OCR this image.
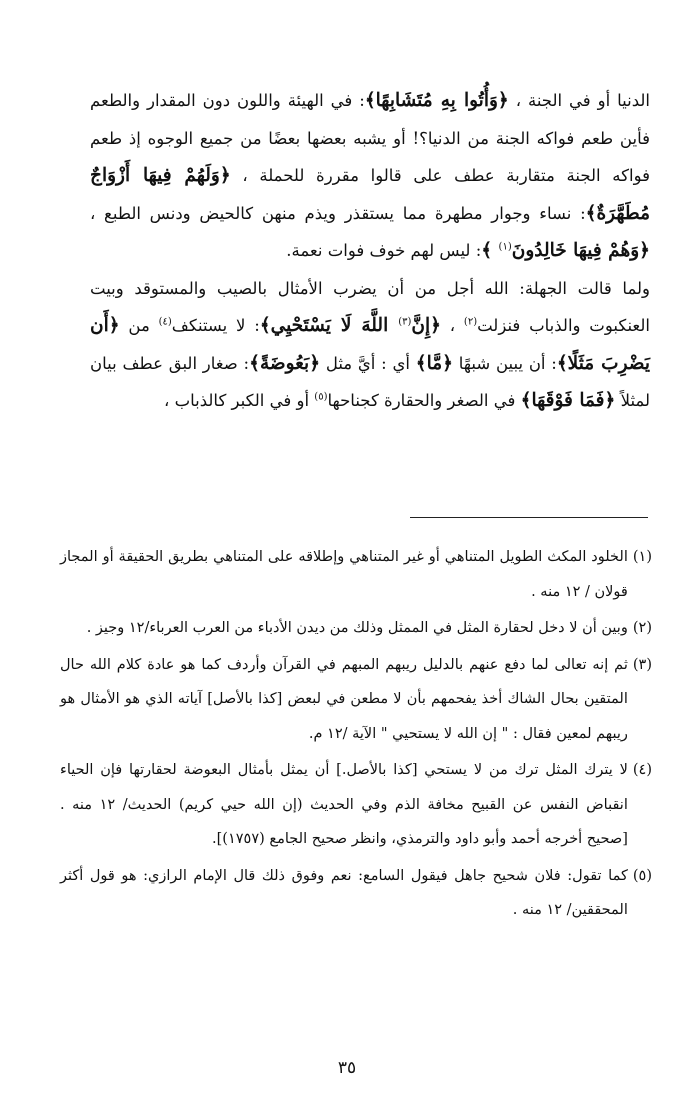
الدنيا أو في الجنة ، ﴿وَأُتُوا بِهِ مُتَشَابِهًا﴾: في الهيئة واللون دون المقدار والطعم فأين طعم فواكه الجنة من الدنيا؟! أو يشبه بعضها بعضًا من جميع الوجوه إذ طعم فواكه الجنة متقاربة عطف على قالوا مقررة للحملة ، ﴿وَلَهُمْ فِيهَا أَزْوَاجٌ مُطَهَّرَةٌ﴾: نساء وجوار مطهرة مما يستقذر ويذم منهن كالحيض ودنس الطبع ، ﴿وَهُمْ فِيهَا خَالِدُونَ$^{(١)}$ ﴾: ليس لهم خوف فوات نعمة.

ولما قالت الجهلة: الله أجل من أن يضرب الأمثال بالصيب والمستوقد وبيت العنكبوت والذباب فنزلت$^{(٢)}$ ، ﴿إِنَّ$^{(٣)}$ اللَّهَ لَا يَسْتَحْيِي﴾: لا يستنكف$^{(٤)}$ من ﴿أَن يَضْرِبَ مَثَلًا﴾: أن يبين شبهًا ﴿مَّا﴾ أي : أيَّ مثل ﴿بَعُوضَةً﴾: صغار البق عطف بيان لمثلاً ﴿فَمَا فَوْقَهَا﴾ في الصغر والحقارة كجناحها$^{(٥)}$ أو في الكبر كالذباب ،

(١)
الخلود المكث الطويل المتناهي أو غير المتناهي وإطلاقه على المتناهي بطريق الحقيقة أو المجاز قولان / ١٢ منه .
(٢)
وبين أن لا دخل لحقارة المثل في الممثل وذلك من ديدن الأدباء من العرب العرباء/١٢ وجيز .
(٣)
ثم إنه تعالى لما دفع عنهم بالدليل ريبهم المبهم في القرآن وأردف كما هو عادة كلام الله حال المتقين بحال الشاك أخذ يفحمهم بأن لا مطعن في لبعض [كذا بالأصل] آياته الذي هو الأمثال هو ريبهم لمعين فقال : " إن الله لا يستحيي " الآية /١٢ م.
(٤)
لا يترك المثل ترك من لا يستحي [كذا بالأصل.] أن يمثل بأمثال البعوضة لحقارتها فإن الحياء انقباض النفس عن القبيح مخافة الذم وفي الحديث (إن الله حيي كريم) الحديث/ ١٢ منه . [صحيح أخرجه أحمد وأبو داود والترمذي، وانظر صحيح الجامع (١٧٥٧)].
(٥)
كما تقول: فلان شحيح جاهل فيقول السامع: نعم وفوق ذلك قال الإمام الرازي: هو قول أكثر المحققين/ ١٢ منه .
٣٥
